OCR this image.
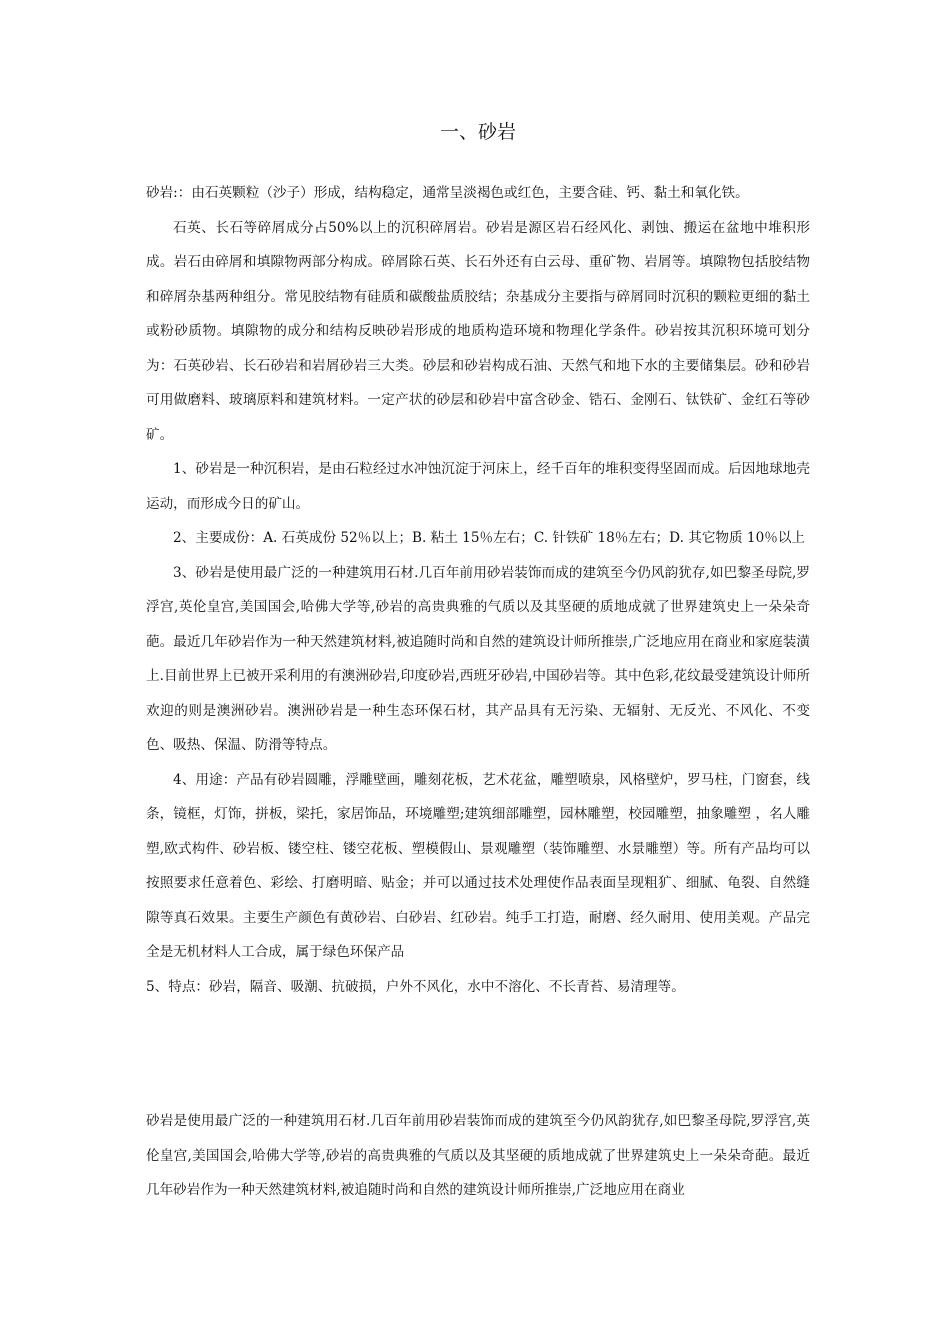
一、砂岩

砂岩:：由石英颗粒（沙子）形成，结构稳定，通常呈淡褐色或红色，主要含硅、钙、黏土和氧化铁。

石英、长石等碎屑成分占50%以上的沉积碎屑岩。砂岩是源区岩石经风化、剥蚀、搬运在盆地中堆积形成。岩石由碎屑和填隙物两部分构成。碎屑除石英、长石外还有白云母、重矿物、岩屑等。填隙物包括胶结物和碎屑杂基两种组分。常见胶结物有硅质和碳酸盐质胶结；杂基成分主要指与碎屑同时沉积的颗粒更细的黏土或粉砂质物。填隙物的成分和结构反映砂岩形成的地质构造环境和物理化学条件。砂岩按其沉积环境可划分为：石英砂岩、长石砂岩和岩屑砂岩三大类。砂层和砂岩构成石油、天然气和地下水的主要储集层。砂和砂岩可用做磨料、玻璃原料和建筑材料。一定产状的砂层和砂岩中富含砂金、锆石、金刚石、钛铁矿、金红石等砂矿。

1、砂岩是一种沉积岩，是由石粒经过水冲蚀沉淀于河床上，经千百年的堆积变得坚固而成。后因地球地壳运动，而形成今日的矿山。

2、主要成份：A. 石英成份 52％以上；B. 粘土 15％左右；C. 针铁矿 18％左右；D. 其它物质 10％以上

3、砂岩是使用最广泛的一种建筑用石材.几百年前用砂岩装饰而成的建筑至今仍风韵犹存,如巴黎圣母院,罗浮宫,英伦皇宫,美国国会,哈佛大学等,砂岩的高贵典雅的气质以及其坚硬的质地成就了世界建筑史上一朵朵奇葩。最近几年砂岩作为一种天然建筑材料,被追随时尚和自然的建筑设计师所推崇,广泛地应用在商业和家庭装潢上.目前世界上已被开采利用的有澳洲砂岩,印度砂岩,西班牙砂岩,中国砂岩等。其中色彩,花纹最受建筑设计师所欢迎的则是澳洲砂岩。澳洲砂岩是一种生态环保石材，其产品具有无污染、无辐射、无反光、不风化、不变色、吸热、保温、防滑等特点。

4、用途：产品有砂岩圆雕，浮雕壁画，雕刻花板，艺术花盆，雕塑喷泉，风格壁炉，罗马柱，门窗套，线条，镜框，灯饰，拼板，梁托，家居饰品，环境雕塑;建筑细部雕塑，园林雕塑，校园雕塑，抽象雕塑 ，名人雕塑,欧式构件、砂岩板、镂空柱、镂空花板、塑模假山、景观雕塑（装饰雕塑、水景雕塑）等。所有产品均可以按照要求任意着色、彩绘、打磨明暗、贴金；并可以通过技术处理使作品表面呈现粗犷、细腻、龟裂、自然缝隙等真石效果。主要生产颜色有黄砂岩、白砂岩、红砂岩。纯手工打造，耐磨、经久耐用、使用美观。产品完全是无机材料人工合成，属于绿色环保产品

5、特点：砂岩，隔音、吸潮、抗破损，户外不风化，水中不溶化、不长青苔、易清理等。

砂岩是使用最广泛的一种建筑用石材.几百年前用砂岩装饰而成的建筑至今仍风韵犹存,如巴黎圣母院,罗浮宫,英伦皇宫,美国国会,哈佛大学等,砂岩的高贵典雅的气质以及其坚硬的质地成就了世界建筑史上一朵朵奇葩。最近几年砂岩作为一种天然建筑材料,被追随时尚和自然的建筑设计师所推崇,广泛地应用在商业
